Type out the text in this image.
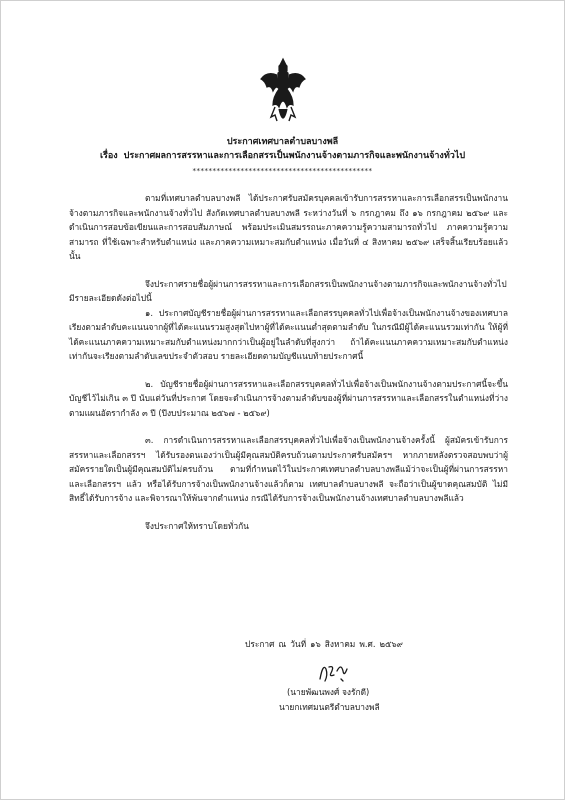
ประกาศเทศบาลตำบลบางพลี
เรื่อง ประกาศผลการสรรหาและการเลือกสรรเป็นพนักงานจ้างตามภารกิจและพนักงานจ้างทั่วไป
*********************************************

ตามที่เทศบาลตำบลบางพลี ได้ประกาศรับสมัครบุคคลเข้ารับการสรรหาและการเลือกสรรเป็นพนักงานจ้างตามภารกิจและพนักงานจ้างทั่วไป สังกัดเทศบาลตำบลบางพลี ระหว่างวันที่ ๖ กรกฎาคม ถึง ๑๖ กรกฎาคม ๒๕๖๙ และดำเนินการสอบข้อเขียนและการสอบสัมภาษณ์ พร้อมประเมินสมรรถนะภาคความรู้ความสามารถทั่วไป ภาคความรู้ความสามารถ ที่ใช้เฉพาะสำหรับตำแหน่ง และภาคความเหมาะสมกับตำแหน่ง เมื่อวันที่ ๔ สิงหาคม ๒๕๖๙ เสร็จสิ้นเรียบร้อยแล้ว นั้น

จึงประกาศรายชื่อผู้ผ่านการสรรหาและการเลือกสรรเป็นพนักงานจ้างตามภารกิจและพนักงานจ้างทั่วไป มีรายละเอียดดังต่อไปนี้

๑. ประกาศบัญชีรายชื่อผู้ผ่านการสรรหาและเลือกสรรบุคคลทั่วไปเพื่อจ้างเป็นพนักงานจ้างของเทศบาล เรียงตามลำดับคะแนนจากผู้ที่ได้คะแนนรวมสูงสุดไปหาผู้ที่ได้คะแนนต่ำสุดตามลำดับ ในกรณีมีผู้ได้คะแนนรวมเท่ากัน ให้ผู้ที่ได้คะแนนภาคความเหมาะสมกับตำแหน่งมากกว่าเป็นผู้อยู่ในลำดับที่สูงกว่า ถ้าได้คะแนนภาคความเหมาะสมกับตำแหน่งเท่ากันจะเรียงตามลำดับเลขประจำตัวสอบ รายละเอียดตามบัญชีแนบท้ายประกาศนี้

๒. บัญชีรายชื่อผู้ผ่านการสรรหาและเลือกสรรบุคคลทั่วไปเพื่อจ้างเป็นพนักงานจ้างตามประกาศนี้จะขึ้นบัญชีไว้ไม่เกิน ๓ ปี นับแต่วันที่ประกาศ โดยจะดำเนินการจ้างตามลำดับของผู้ที่ผ่านการสรรหาและเลือกสรรในตำแหน่งที่ว่างตามแผนอัตรากำลัง ๓ ปี (ปีงบประมาณ ๒๕๖๗ - ๒๕๖๙)

๓. การดำเนินการสรรหาและเลือกสรรบุคคลทั่วไปเพื่อจ้างเป็นพนักงานจ้างครั้งนี้ ผู้สมัครเข้ารับการสรรหาและเลือกสรรฯ ได้รับรองตนเองว่าเป็นผู้มีคุณสมบัติครบถ้วนตามประกาศรับสมัครฯ หากภายหลังตรวจสอบพบว่าผู้สมัครรายใดเป็นผู้มีคุณสมบัติไม่ครบถ้วน ตามที่กำหนดไว้ในประกาศเทศบาลตำบลบางพลีแม้ว่าจะเป็นผู้ที่ผ่านการสรรหาและเลือกสรรฯ แล้ว หรือได้รับการจ้างเป็นพนักงานจ้างแล้วก็ตาม เทศบาลตำบลบางพลี จะถือว่าเป็นผู้ขาดคุณสมบัติ ไม่มีสิทธิ์ได้รับการจ้าง และพิจารณาให้พ้นจากตำแหน่ง กรณีได้รับการจ้างเป็นพนักงานจ้างเทศบาลตำบลบางพลีแล้ว

จึงประกาศให้ทราบโดยทั่วกัน

ประกาศ ณ วันที่ ๑๖ สิงหาคม พ.ศ. ๒๕๖๙
(นายพัฒนพงศ์ จงรักดี)
นายกเทศมนตรีตำบลบางพลี
